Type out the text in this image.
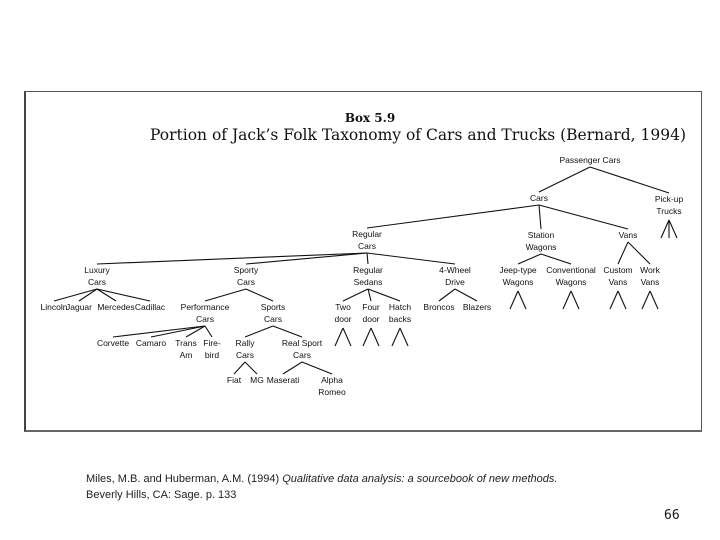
Box 5.9
Portion of Jack’s Folk Taxonomy of Cars and Trucks (Bernard, 1994)
Passenger Cars
Cars	Pick-up Trucks
Regular Cars
Station Wagons
Vans
Luxury Cars
Sporty Cars
Regular Sedans
4-Wheel Drive
Jeep-type Wagons
Conventional Wagons
Custom Vans
Work Vans
Lincoln
Jaguar Mercedes Cadillac Performance Cars
Sports Cars
Two door
Four door
Hatch backs
Broncos Blazers
Corvette Camaro Trans Am
Fire-bird
Rally Cars
Real Sport Cars
Fiat MG Maserati	Alpha Romeo
Miles, M.B. and Huberman, A.M. (1994) Qualitative data analysis: a sourcebook of new methods.
Beverly Hills, CA: Sage. p. 133
66
